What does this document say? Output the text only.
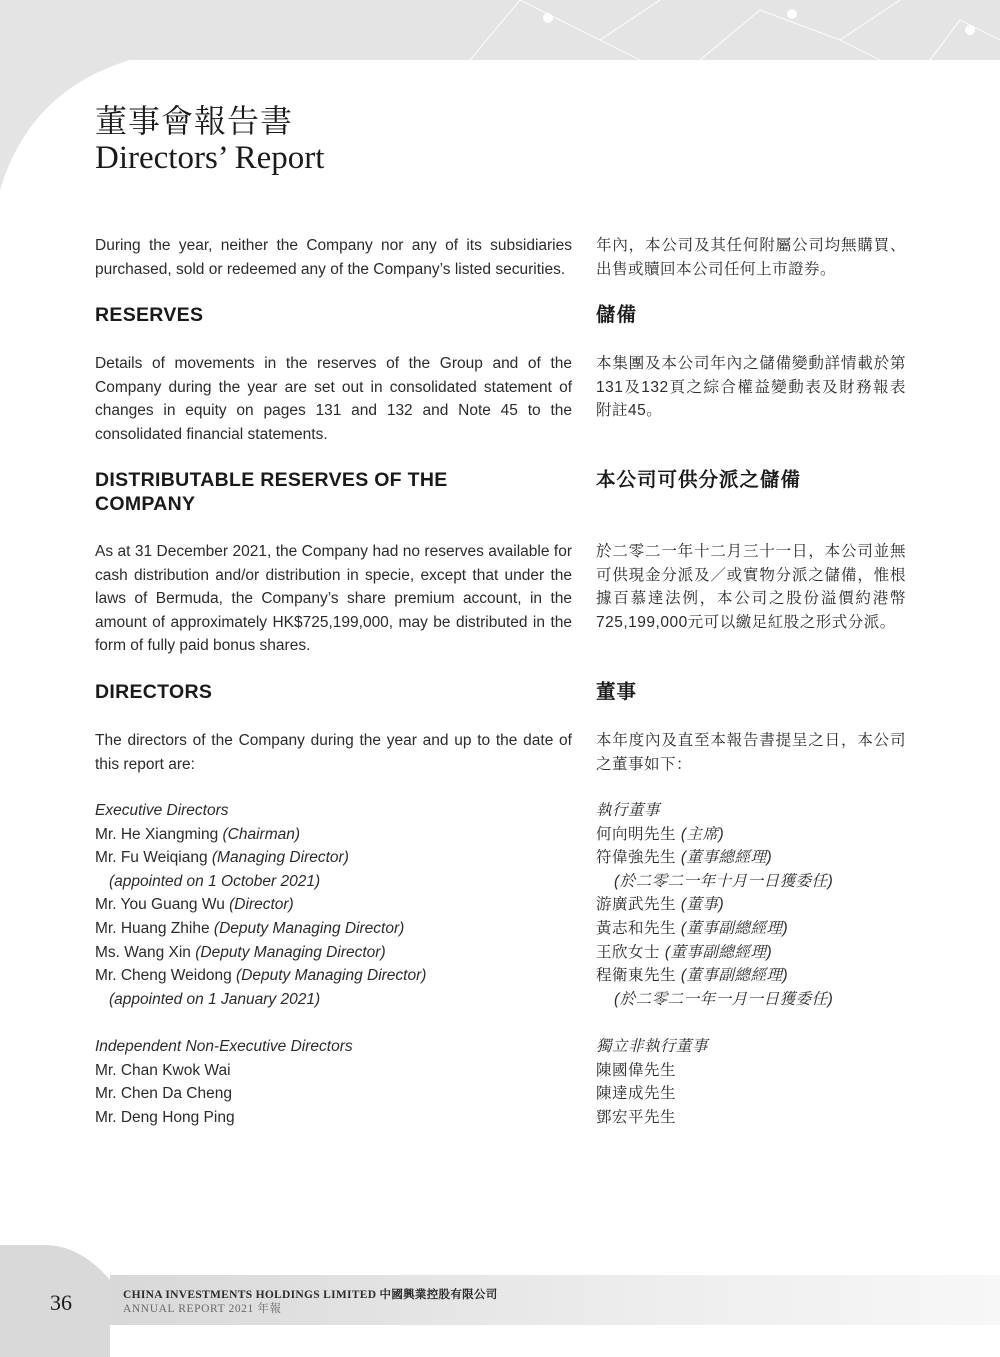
董事會報告書
Directors’ Report
During the year, neither the Company nor any of its subsidiaries purchased, sold or redeemed any of the Company’s listed securities.
年內，本公司及其任何附屬公司均無購買、出售或贖回本公司任何上市證券。
RESERVES	儲備
Details of movements in the reserves of the Group and of the Company during the year are set out in consolidated statement of changes in equity on pages 131 and 132 and Note 45 to the consolidated financial statements.
本集團及本公司年內之儲備變動詳情載於第131及132頁之綜合權益變動表及財務報表附註45。
DISTRIBUTABLE RESERVES OF THE COMPANY
本公司可供分派之儲備
As at 31 December 2021, the Company had no reserves available for cash distribution and/or distribution in specie, except that under the laws of Bermuda, the Company’s share premium account, in the amount of approximately HK$725,199,000, may be distributed in the form of fully paid bonus shares.
於二零二一年十二月三十一日，本公司並無可供現金分派及／或實物分派之儲備，惟根據百慕達法例，本公司之股份溢價約港幣725,199,000元可以繳足紅股之形式分派。
DIRECTORS	董事
The directors of the Company during the year and up to the date of this report are:
本年度內及直至本報告書提呈之日，本公司之董事如下：
Executive Directors
Mr. He Xiangming (Chairman)
Mr. Fu Weiqiang (Managing Director)
(appointed on 1 October 2021)
Mr. You Guang Wu (Director)
Mr. Huang Zhihe (Deputy Managing Director)
Ms. Wang Xin (Deputy Managing Director)
Mr. Cheng Weidong (Deputy Managing Director)
(appointed on 1 January 2021)
Independent Non-Executive Directors
Mr. Chan Kwok Wai
Mr. Chen Da Cheng
Mr. Deng Hong Ping
執行董事
何向明先生 (主席)
符偉強先生 (董事總經理)
(於二零二一年十月一日獲委任)
游廣武先生 (董事)
黃志和先生 (董事副總經理)
王欣女士 (董事副總經理)
程衛東先生 (董事副總經理)
(於二零二一年一月一日獲委任)
獨立非執行董事
陳國偉先生
陳達成先生
鄧宏平先生
36	CHINA INVESTMENTS HOLDINGS LIMITED 中國興業控股有限公司
ANNUAL REPORT 2021 年報
